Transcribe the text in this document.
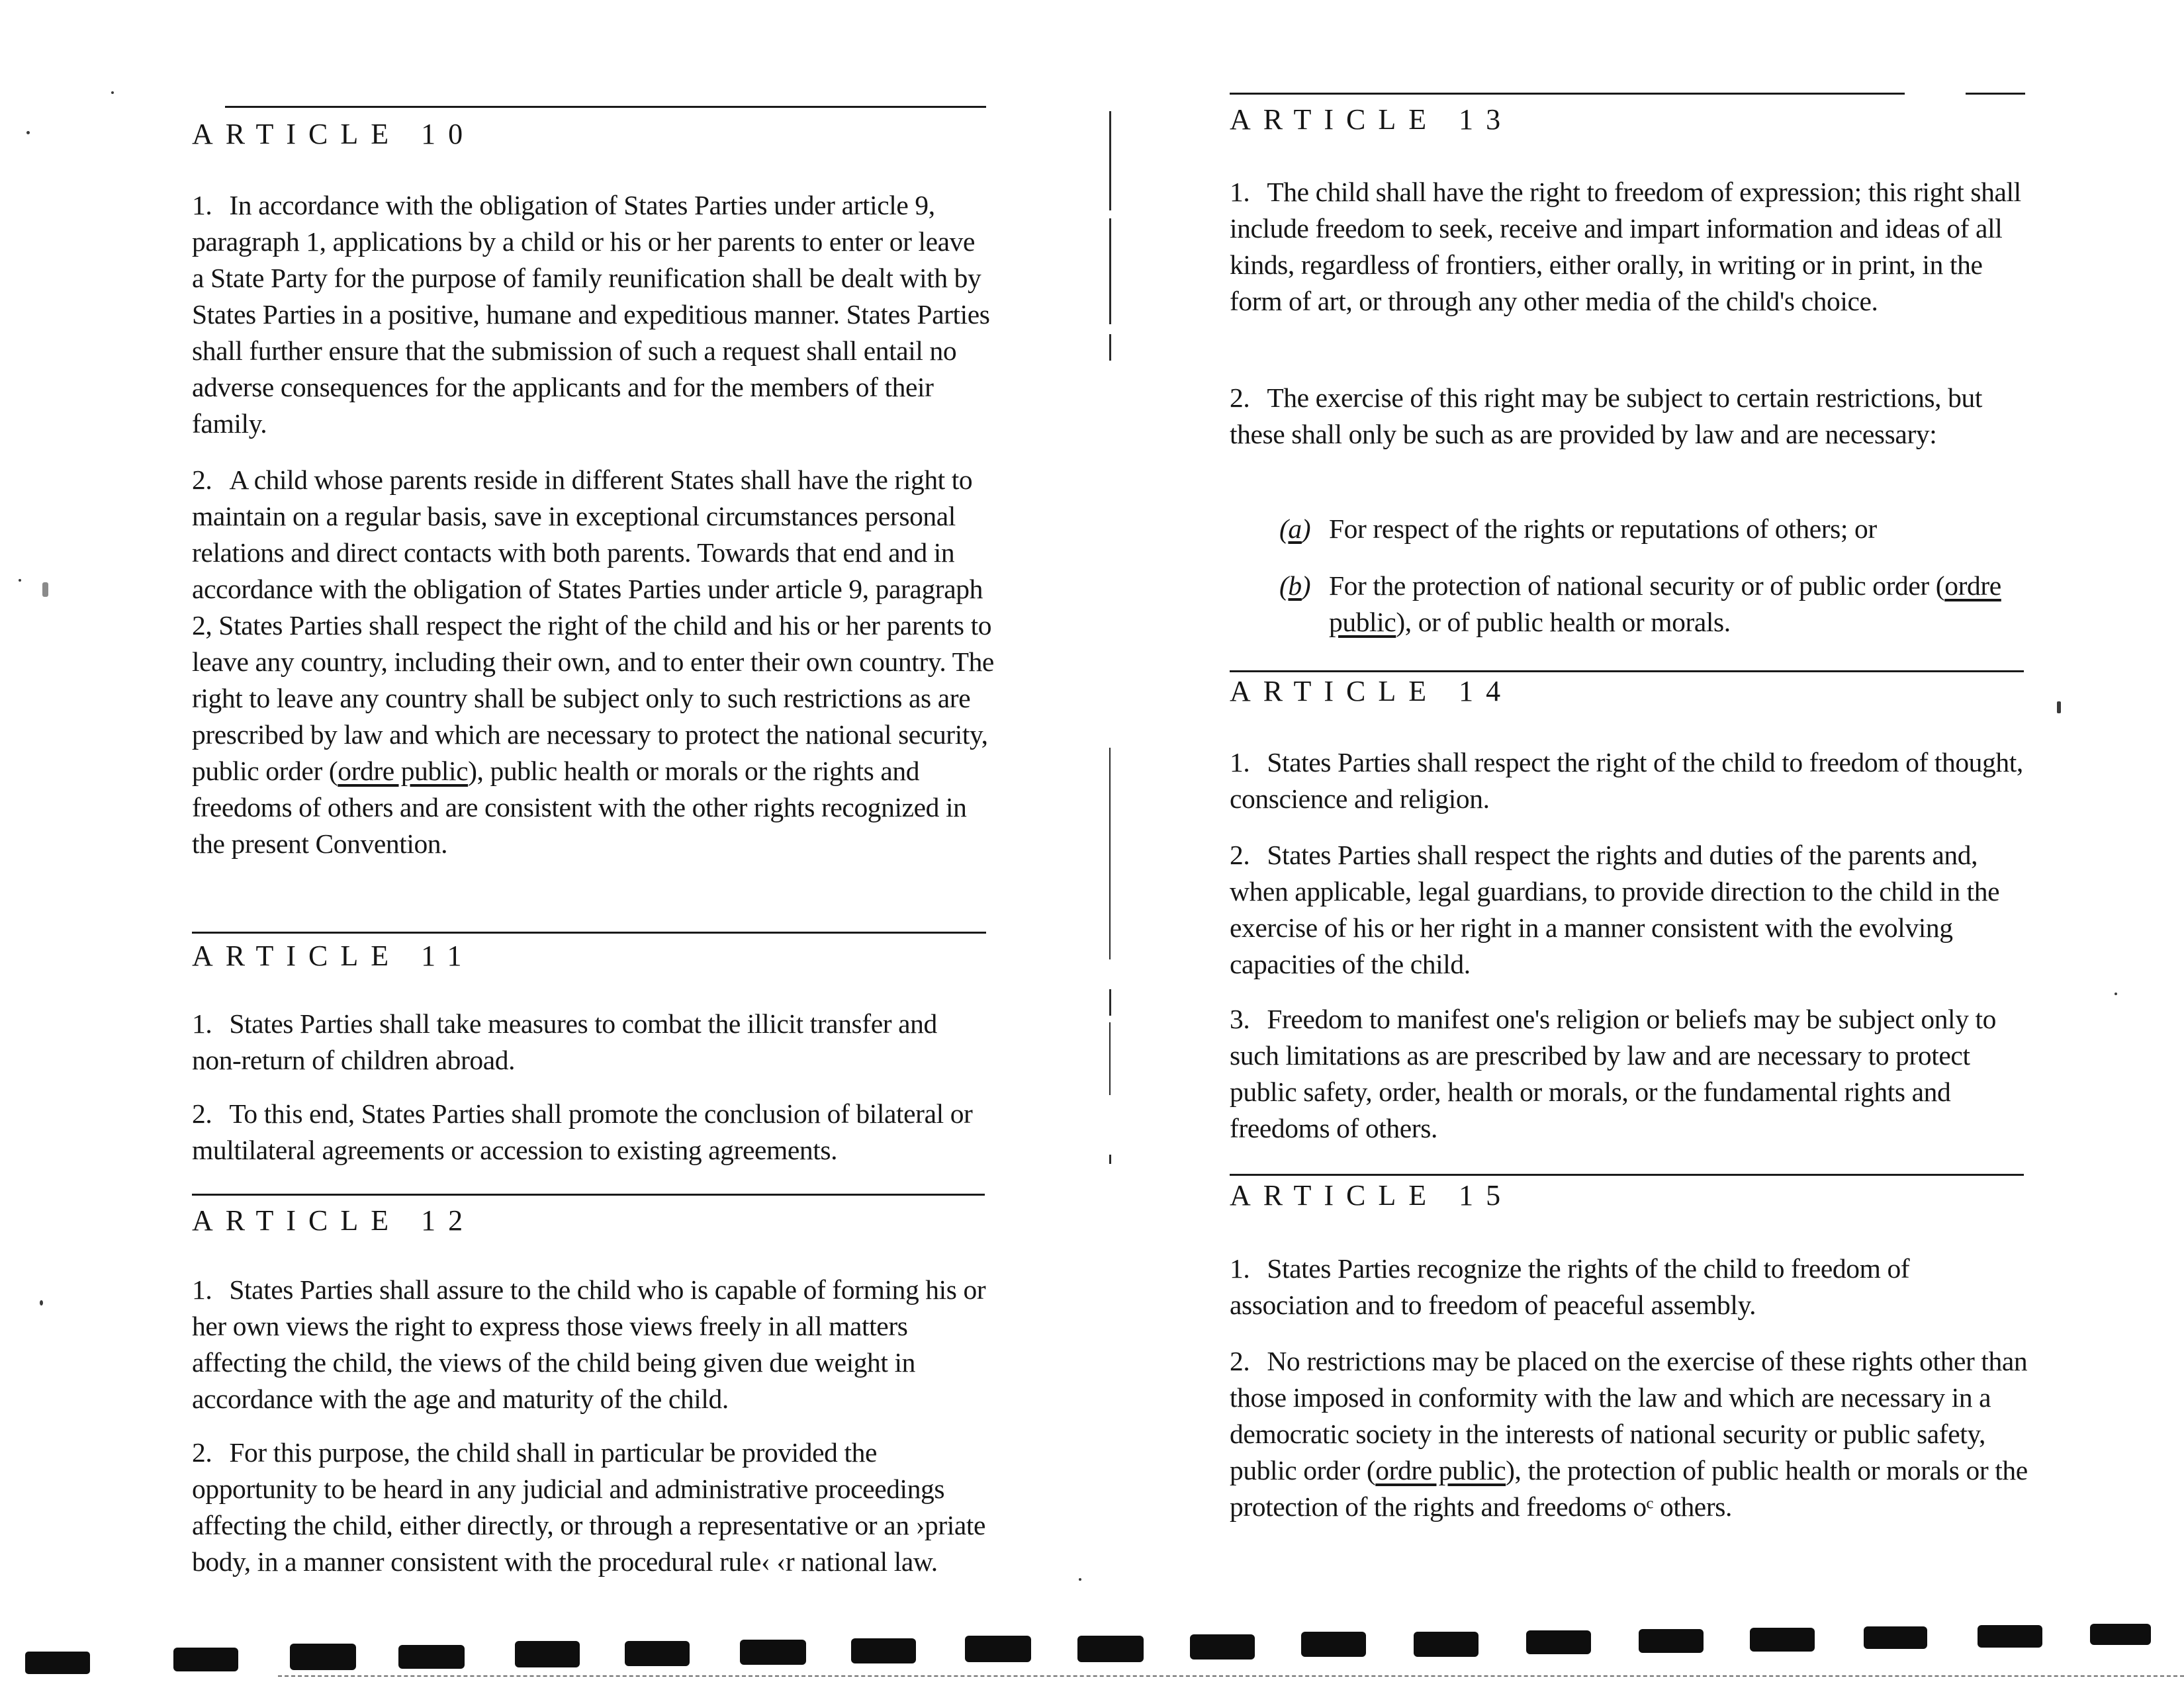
ARTICLE 10

1. In accordance with the obligation of States Parties under article 9, paragraph 1, applications by a child or his or her parents to enter or leave a State Party for the purpose of family reunification shall be dealt with by States Parties in a positive, humane and expeditious manner. States Parties shall further ensure that the submission of such a request shall entail no adverse consequences for the applicants and for the members of their family.

2. A child whose parents reside in different States shall have the right to maintain on a regular basis, save in exceptional circumstances personal relations and direct contacts with both parents. Towards that end and in accordance with the obligation of States Parties under article 9, paragraph 2, States Parties shall respect the right of the child and his or her parents to leave any country, including their own, and to enter their own country. The right to leave any country shall be subject only to such restrictions as are prescribed by law and which are necessary to protect the national security, public order (ordre public), public health or morals or the rights and freedoms of others and are consistent with the other rights recognized in the present Convention.

ARTICLE 11

1. States Parties shall take measures to combat the illicit transfer and non-return of children abroad.

2. To this end, States Parties shall promote the conclusion of bilateral or multilateral agreements or accession to existing agreements.

ARTICLE 12

1. States Parties shall assure to the child who is capable of forming his or her own views the right to express those views freely in all matters affecting the child, the views of the child being given due weight in accordance with the age and maturity of the child.

2. For this purpose, the child shall in particular be provided the opportunity to be heard in any judicial and administrative proceedings affecting the child, either directly, or through a representative or an ›priate body, in a manner consistent with the procedural rule‹ ‹r national law.

ARTICLE 13

1. The child shall have the right to freedom of expression; this right shall include freedom to seek, receive and impart information and ideas of all kinds, regardless of frontiers, either orally, in writing or in print, in the form of art, or through any other media of the child's choice.

2. The exercise of this right may be subject to certain restrictions, but these shall only be such as are provided by law and are necessary:

(a) For respect of the rights or reputations of others; or
(b) For the protection of national security or of public order (ordre public), or of public health or morals.
ARTICLE 14

1. States Parties shall respect the right of the child to freedom of thought, conscience and religion.

2. States Parties shall respect the rights and duties of the parents and, when applicable, legal guardians, to provide direction to the child in the exercise of his or her right in a manner consistent with the evolving capacities of the child.

3. Freedom to manifest one's religion or beliefs may be subject only to such limitations as are prescribed by law and are necessary to protect public safety, order, health or morals, or the fundamental rights and freedoms of others.

ARTICLE 15

1. States Parties recognize the rights of the child to freedom of association and to freedom of peaceful assembly.

2. No restrictions may be placed on the exercise of these rights other than those imposed in conformity with the law and which are necessary in a democratic society in the interests of national security or public safety, public order (ordre public), the protection of public health or morals or the protection of the rights and freedoms oᶜ others.
